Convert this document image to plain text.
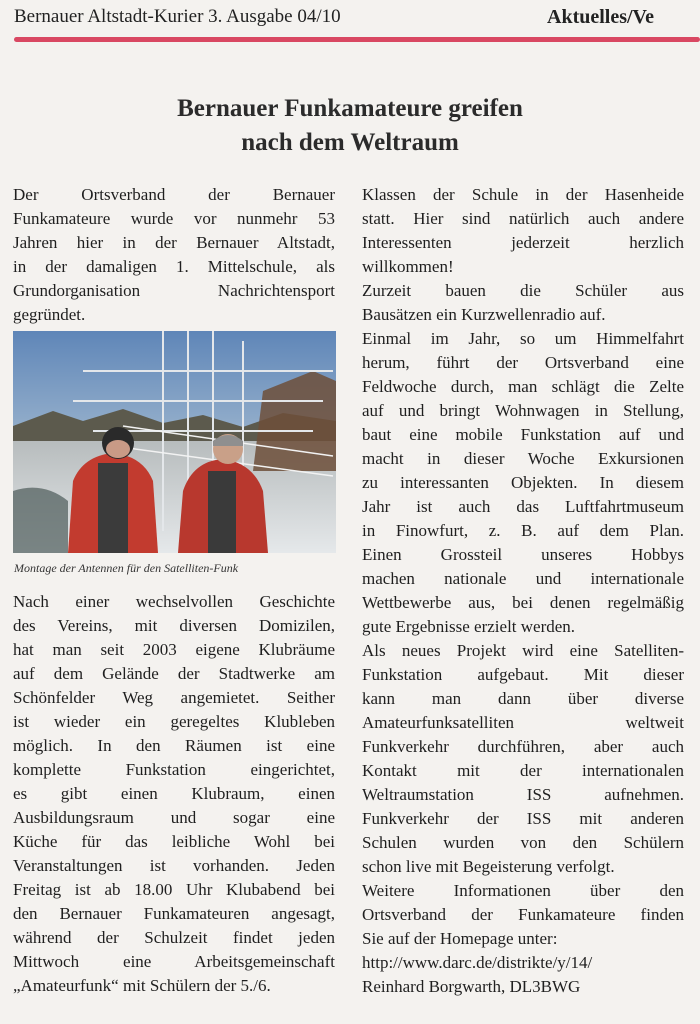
Bernauer Altstadt-Kurier 3. Ausgabe 04/10	Aktuelles/Ve
Bernauer Funkamateure greifen
nach dem Weltraum
Der Ortsverband der Bernauer
Funkamateure wurde vor nunmehr 53
Jahren hier in der Bernauer Altstadt,
in der damaligen 1. Mittelschule, als
Grundorganisation Nachrichtensport
gegründet.
Montage der Antennen für den Satelliten-Funk
Nach einer wechselvollen Geschichte
des Vereins, mit diversen Domizilen,
hat man seit 2003 eigene Klubräume
auf dem Gelände der Stadtwerke am
Schönfelder Weg angemietet. Seither
ist wieder ein geregeltes Klubleben
möglich. In den Räumen ist eine
komplette Funkstation eingerichtet,
es gibt einen Klubraum, einen
Ausbildungsraum und sogar eine
Küche für das leibliche Wohl bei
Veranstaltungen ist vorhanden. Jeden
Freitag ist ab 18.00 Uhr Klubabend bei
den Bernauer Funkamateuren angesagt,
während der Schulzeit findet jeden
Mittwoch eine Arbeitsgemeinschaft
„Amateurfunk“ mit Schülern der 5./6.
Klassen der Schule in der Hasenheide
statt. Hier sind natürlich auch andere
Interessenten jederzeit herzlich
willkommen!
Zurzeit bauen die Schüler aus
Bausätzen ein Kurzwellenradio auf.
Einmal im Jahr, so um Himmelfahrt
herum, führt der Ortsverband eine
Feldwoche durch, man schlägt die Zelte
auf und bringt Wohnwagen in Stellung,
baut eine mobile Funkstation auf und
macht in dieser Woche Exkursionen
zu interessanten Objekten. In diesem
Jahr ist auch das Luftfahrtmuseum
in Finowfurt, z. B. auf dem Plan.
Einen Grossteil unseres Hobbys
machen nationale und internationale
Wettbewerbe aus, bei denen regelmäßig
gute Ergebnisse erzielt werden.
Als neues Projekt wird eine Satelliten-
Funkstation aufgebaut. Mit dieser
kann man dann über diverse
Amateurfunksatelliten weltweit
Funkverkehr durchführen, aber auch
Kontakt mit der internationalen
Weltraumstation ISS aufnehmen.
Funkverkehr der ISS mit anderen
Schulen wurden von den Schülern
schon live mit Begeisterung verfolgt.
Weitere Informationen über den
Ortsverband der Funkamateure finden
Sie auf der Homepage unter:
http://www.darc.de/distrikte/y/14/
Reinhard Borgwarth, DL3BWG
